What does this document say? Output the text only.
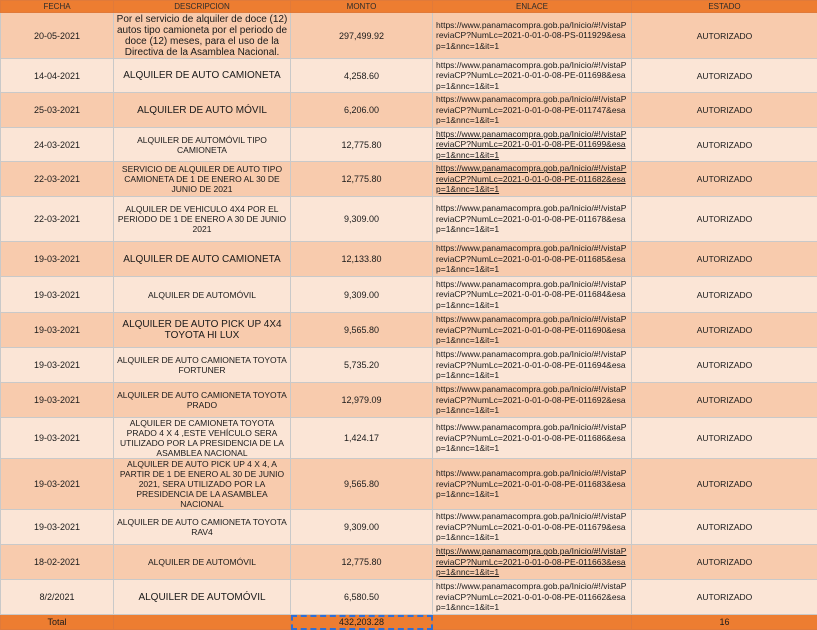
FECHA	DESCRIPCION	MONTO	ENLACE	ESTADO
20-05-2021	Por el servicio de alquiler de doce (12) autos tipo camioneta por el periodo de doce (12) meses, para el uso de la Directiva de la Asamblea Nacional.	297,499.92	https://www.panamacompra.gob.pa/Inicio/#!/vistaPreviaCP?NumLc=2021-0-01-0-08-PS-011929&esap=1&nnc=1&it=1	AUTORIZADO
14-04-2021	ALQUILER DE AUTO CAMIONETA	4,258.60	https://www.panamacompra.gob.pa/Inicio/#!/vistaPreviaCP?NumLc=2021-0-01-0-08-PE-011698&esap=1&nnc=1&it=1	AUTORIZADO
25-03-2021	ALQUILER DE AUTO MÓVIL	6,206.00	https://www.panamacompra.gob.pa/Inicio/#!/vistaPreviaCP?NumLc=2021-0-01-0-08-PE-011747&esap=1&nnc=1&it=1	AUTORIZADO
24-03-2021	ALQUILER DE AUTOMÓVIL TIPO CAMIONETA	12,775.80	https://www.panamacompra.gob.pa/Inicio/#!/vistaPreviaCP?NumLc=2021-0-01-0-08-PE-011699&esap=1&nnc=1&it=1	AUTORIZADO
22-03-2021	SERVICIO DE ALQUILER DE AUTO TIPO CAMIONETA DE 1 DE ENERO AL 30 DE JUNIO DE 2021	12,775.80	https://www.panamacompra.gob.pa/Inicio/#!/vistaPreviaCP?NumLc=2021-0-01-0-08-PE-011682&esap=1&nnc=1&it=1	AUTORIZADO
22-03-2021	ALQUILER DE VEHICULO 4X4 POR EL PERIODO DE 1 DE ENERO A 30 DE JUNIO 2021	9,309.00	https://www.panamacompra.gob.pa/Inicio/#!/vistaPreviaCP?NumLc=2021-0-01-0-08-PE-011678&esap=1&nnc=1&it=1	AUTORIZADO
19-03-2021	ALQUILER DE AUTO CAMIONETA	12,133.80	https://www.panamacompra.gob.pa/Inicio/#!/vistaPreviaCP?NumLc=2021-0-01-0-08-PE-011685&esap=1&nnc=1&it=1	AUTORIZADO
19-03-2021	ALQUILER DE AUTOMÓVIL	9,309.00	https://www.panamacompra.gob.pa/Inicio/#!/vistaPreviaCP?NumLc=2021-0-01-0-08-PE-011684&esap=1&nnc=1&it=1	AUTORIZADO
19-03-2021	ALQUILER DE AUTO PICK UP 4X4 TOYOTA HI LUX	9,565.80	https://www.panamacompra.gob.pa/Inicio/#!/vistaPreviaCP?NumLc=2021-0-01-0-08-PE-011690&esap=1&nnc=1&it=1	AUTORIZADO
19-03-2021	ALQUILER DE AUTO CAMIONETA TOYOTA FORTUNER	5,735.20	https://www.panamacompra.gob.pa/Inicio/#!/vistaPreviaCP?NumLc=2021-0-01-0-08-PE-011694&esap=1&nnc=1&it=1	AUTORIZADO
19-03-2021	ALQUILER DE AUTO CAMIONETA TOYOTA PRADO	12,979.09	https://www.panamacompra.gob.pa/Inicio/#!/vistaPreviaCP?NumLc=2021-0-01-0-08-PE-011692&esap=1&nnc=1&it=1	AUTORIZADO
19-03-2021	ALQUILER DE CAMIONETA TOYOTA PRADO 4 X 4 ,ESTE VEHÍCULO SERA UTILIZADO POR LA PRESIDENCIA DE LA ASAMBLEA NACIONAL	1,424.17	https://www.panamacompra.gob.pa/Inicio/#!/vistaPreviaCP?NumLc=2021-0-01-0-08-PE-011686&esap=1&nnc=1&it=1	AUTORIZADO
19-03-2021	ALQUILER DE AUTO PICK UP 4 X 4, A PARTIR DE 1 DE ENERO AL 30 DE JUNIO 2021, SERA UTILIZADO POR LA PRESIDENCIA DE LA ASAMBLEA NACIONAL	9,565.80	https://www.panamacompra.gob.pa/Inicio/#!/vistaPreviaCP?NumLc=2021-0-01-0-08-PE-011683&esap=1&nnc=1&it=1	AUTORIZADO
19-03-2021	ALQUILER DE AUTO CAMIONETA TOYOTA RAV4	9,309.00	https://www.panamacompra.gob.pa/Inicio/#!/vistaPreviaCP?NumLc=2021-0-01-0-08-PE-011679&esap=1&nnc=1&it=1	AUTORIZADO
18-02-2021	ALQUILER DE AUTOMÓVIL	12,775.80	https://www.panamacompra.gob.pa/Inicio/#!/vistaPreviaCP?NumLc=2021-0-01-0-08-PE-011663&esap=1&nnc=1&it=1	AUTORIZADO
8/2/2021	ALQUILER DE AUTOMÓVIL	6,580.50	https://www.panamacompra.gob.pa/Inicio/#!/vistaPreviaCP?NumLc=2021-0-01-0-08-PE-011662&esap=1&nnc=1&it=1	AUTORIZADO
Total		432,203.28		16
